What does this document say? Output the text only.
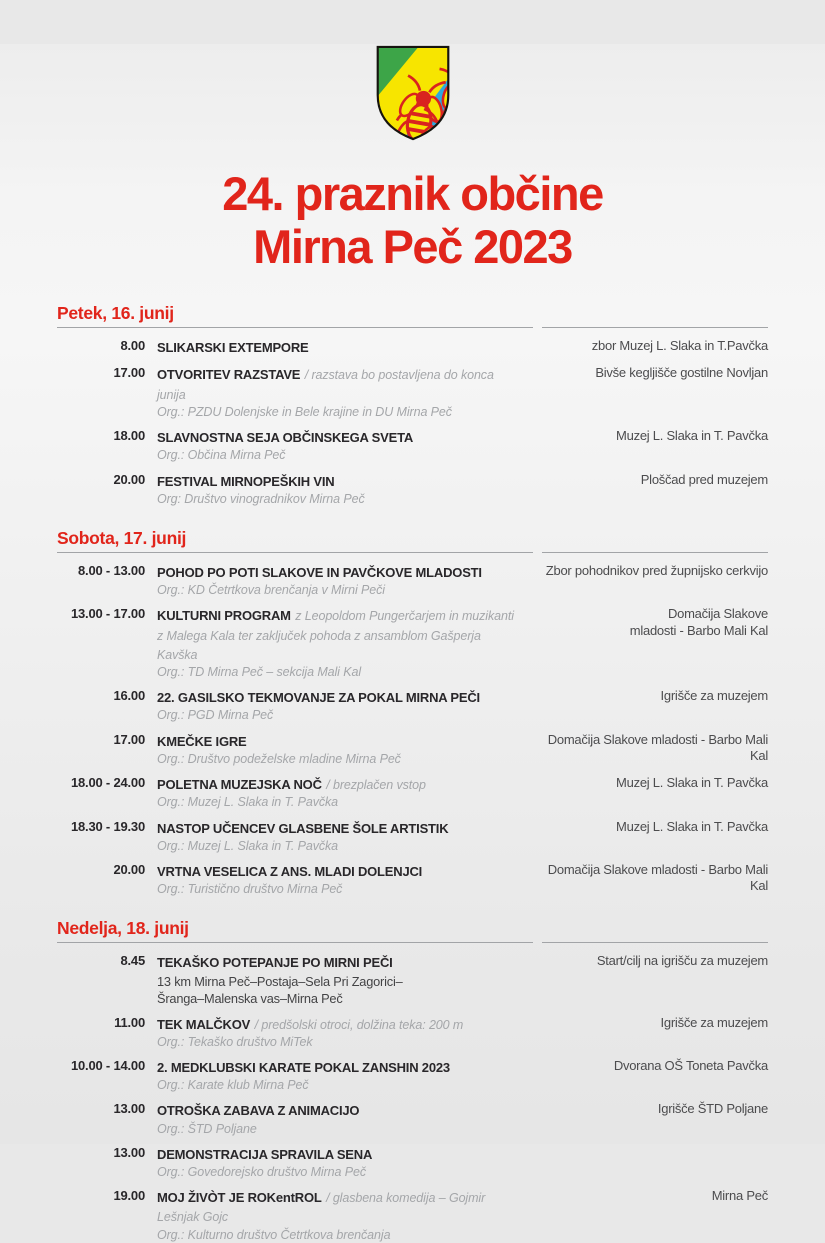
24. praznik občine
Mirna Peč 2023
Petek, 16. junij
8.00 SLIKARSKI EXTEMPORE	zbor Muzej L. Slaka in T.Pavčka
17.00 OTVORITEV RAZSTAVE / razstava bo postavljena do konca junija
Org.: PZDU Dolenjske in Bele krajine in DU Mirna Peč
Bivše kegljišče gostilne Novljan
18.00 SLAVNOSTNA SEJA OBČINSKEGA SVETA
Org.: Občina Mirna Peč
Muzej L. Slaka in T. Pavčka
20.00 FESTIVAL MIRNOPEŠKIH VIN
Org: Društvo vinogradnikov Mirna Peč
Ploščad pred muzejem
Sobota, 17. junij
8.00 - 13.00 POHOD PO POTI SLAKOVE IN PAVČKOVE MLADOSTI
Org.: KD Četrtkova brenčanja v Mirni Peči
Zbor pohodnikov pred župnijsko cerkvijo
13.00 - 17.00 KULTURNI PROGRAM z Leopoldom Pungerčarjem in muzikanti z Malega Kala ter zaključek pohoda z ansamblom Gašperja Kavška
Org.: TD Mirna Peč – sekcija Mali Kal
Domačija Slakove
mladosti - Barbo Mali Kal
16.00 22. GASILSKO TEKMOVANJE ZA POKAL MIRNA PEČI
Org.: PGD Mirna Peč
Igrišče za muzejem
17.00 KMEČKE IGRE
Org.: Društvo podeželske mladine Mirna Peč
Domačija Slakove mladosti - Barbo Mali Kal
18.00 - 24.00 POLETNA MUZEJSKA NOČ / brezplačen vstop
Org.: Muzej L. Slaka in T. Pavčka
Muzej L. Slaka in T. Pavčka
18.30 - 19.30 NASTOP UČENCEV GLASBENE ŠOLE ARTISTIK
Org.: Muzej L. Slaka in T. Pavčka
Muzej L. Slaka in T. Pavčka
20.00 VRTNA VESELICA Z ANS. MLADI DOLENJCI
Org.: Turistično društvo Mirna Peč
Domačija Slakove mladosti - Barbo Mali Kal
Nedelja, 18. junij
8.45 TEKAŠKO POTEPANJE PO MIRNI PEČI
13 km Mirna Peč–Postaja–Sela Pri Zagorici–
Šranga–Malenska vas–Mirna Peč
Start/cilj na igrišču za muzejem
11.00 TEK MALČKOV / predšolski otroci, dolžina teka: 200 m
Org.: Tekaško društvo MiTek
Igrišče za muzejem
10.00 - 14.00 2. MEDKLUBSKI KARATE POKAL ZANSHIN 2023
Org.: Karate klub Mirna Peč
Dvorana OŠ Toneta Pavčka
13.00 OTROŠKA ZABAVA Z ANIMACIJO
Org.: ŠTD Poljane
Igrišče ŠTD Poljane
13.00 DEMONSTRACIJA SPRAVILA SENA
Org.: Govedorejsko društvo Mirna Peč
19.00 MOJ ŽIVÒT JE ROKentROL / glasbena komedija – Gojmir Lešnjak Gojc
Org.: Kulturno društvo Četrtkova brenčanja
Mirna Peč
